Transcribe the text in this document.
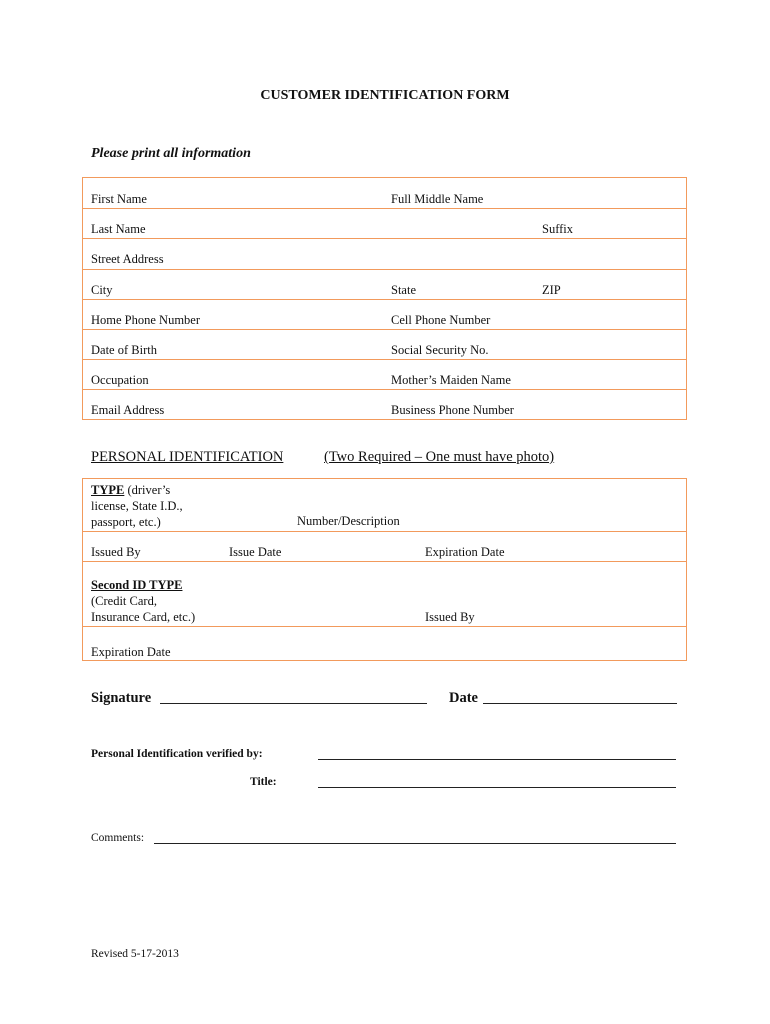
CUSTOMER IDENTIFICATION FORM
Please print all information
First Name	Full Middle Name
Last Name	Suffix
Street Address
City	State	ZIP
Home Phone Number	Cell Phone Number
Date of Birth	Social Security No.
Occupation	Mother’s Maiden Name
Email Address	Business Phone Number
PERSONAL IDENTIFICATION	(Two Required – One must have photo)
TYPE (driver’s
license, State I.D.,
passport, etc.)	Number/Description
Issued By	Issue Date	Expiration Date
Second ID TYPE
(Credit Card,
Insurance Card, etc.)	Issued By
Expiration Date
Signature	Date
Personal Identification verified by:
Title:
Comments:
Revised 5-17-2013
